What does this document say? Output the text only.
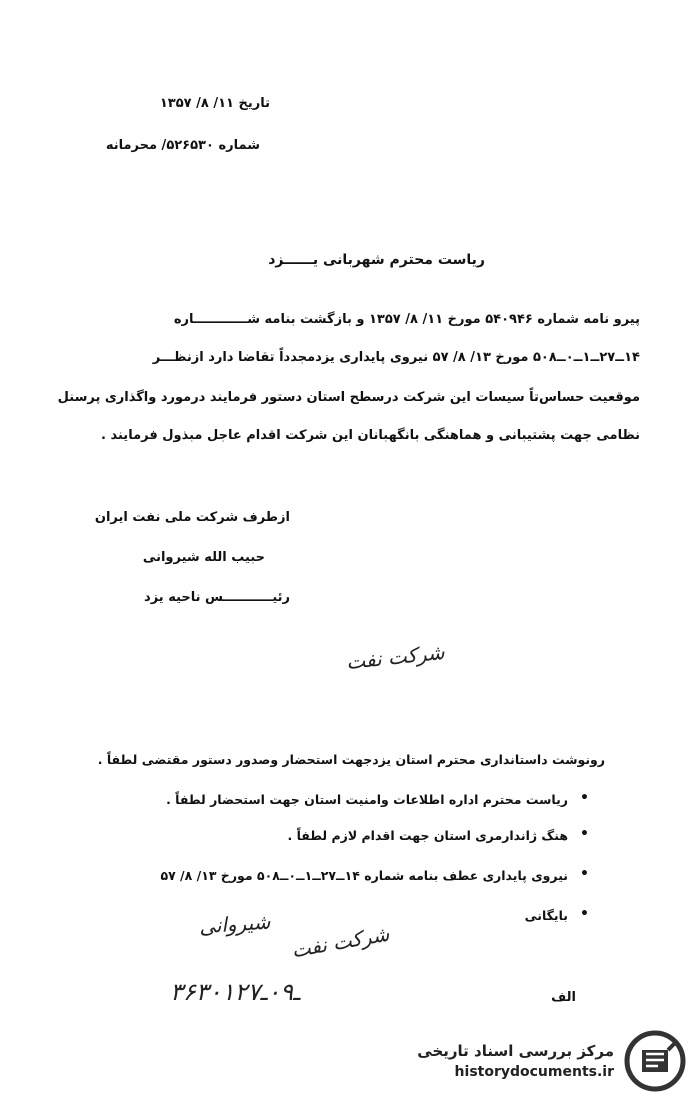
تاریخ ۱۱/ ۸/ ۱۳۵۷
شماره ۵۲۶۵۳۰/ محرمانه
ریاست محترم شهربانی یــــــزد
پیرو نامه شماره ۵۴۰۹۴۶ مورخ ۱۱/ ۸/ ۱۳۵۷ و بازگشت بنامه شــــــــــــاره
۱۴ــ۲۷ــ۱ــ۰ــ۵۰۸ مورخ ۱۳/ ۸/ ۵۷ نیروی پایداری یزدمجدداً تقاضا دارد ازنظـــر
موقعیت حساس‌تاً سیسات این شرکت درسطح استان دستور فرمایند درمورد واگذاری پرسنل
نظامی جهت پشتیبانی و هماهنگی بانگهبانان این شرکت اقدام عاجل مبذول فرمایند .
ازطرف شرکت ملی نفت ایران
حبیب الله شیروانی
رئیـــــــــــس ناحیه یزد
شرکت نفت
رونوشت داستانداری محترم استان یزدجهت استحضار وصدور دستور مقتضی لطفاً .
•
ریاست محترم اداره اطلاعات وامنیت استان جهت استحضار لطفاً .
•
هنگ ژاندارمری استان جهت اقدام لازم لطفاً .
•
نیروی پایداری عطف بنامه شماره ۱۴ــ۲۷ــ۱ــ۰ــ۵۰۸ مورخ ۱۳/ ۸/ ۵۷
•
بایگانی
شرکت نفت
شیروانی
۳۶۳ـ۰۹ـ۰۱۲۷	الف
مرکز بررسی اسناد تاریخی
historydocuments.ir
